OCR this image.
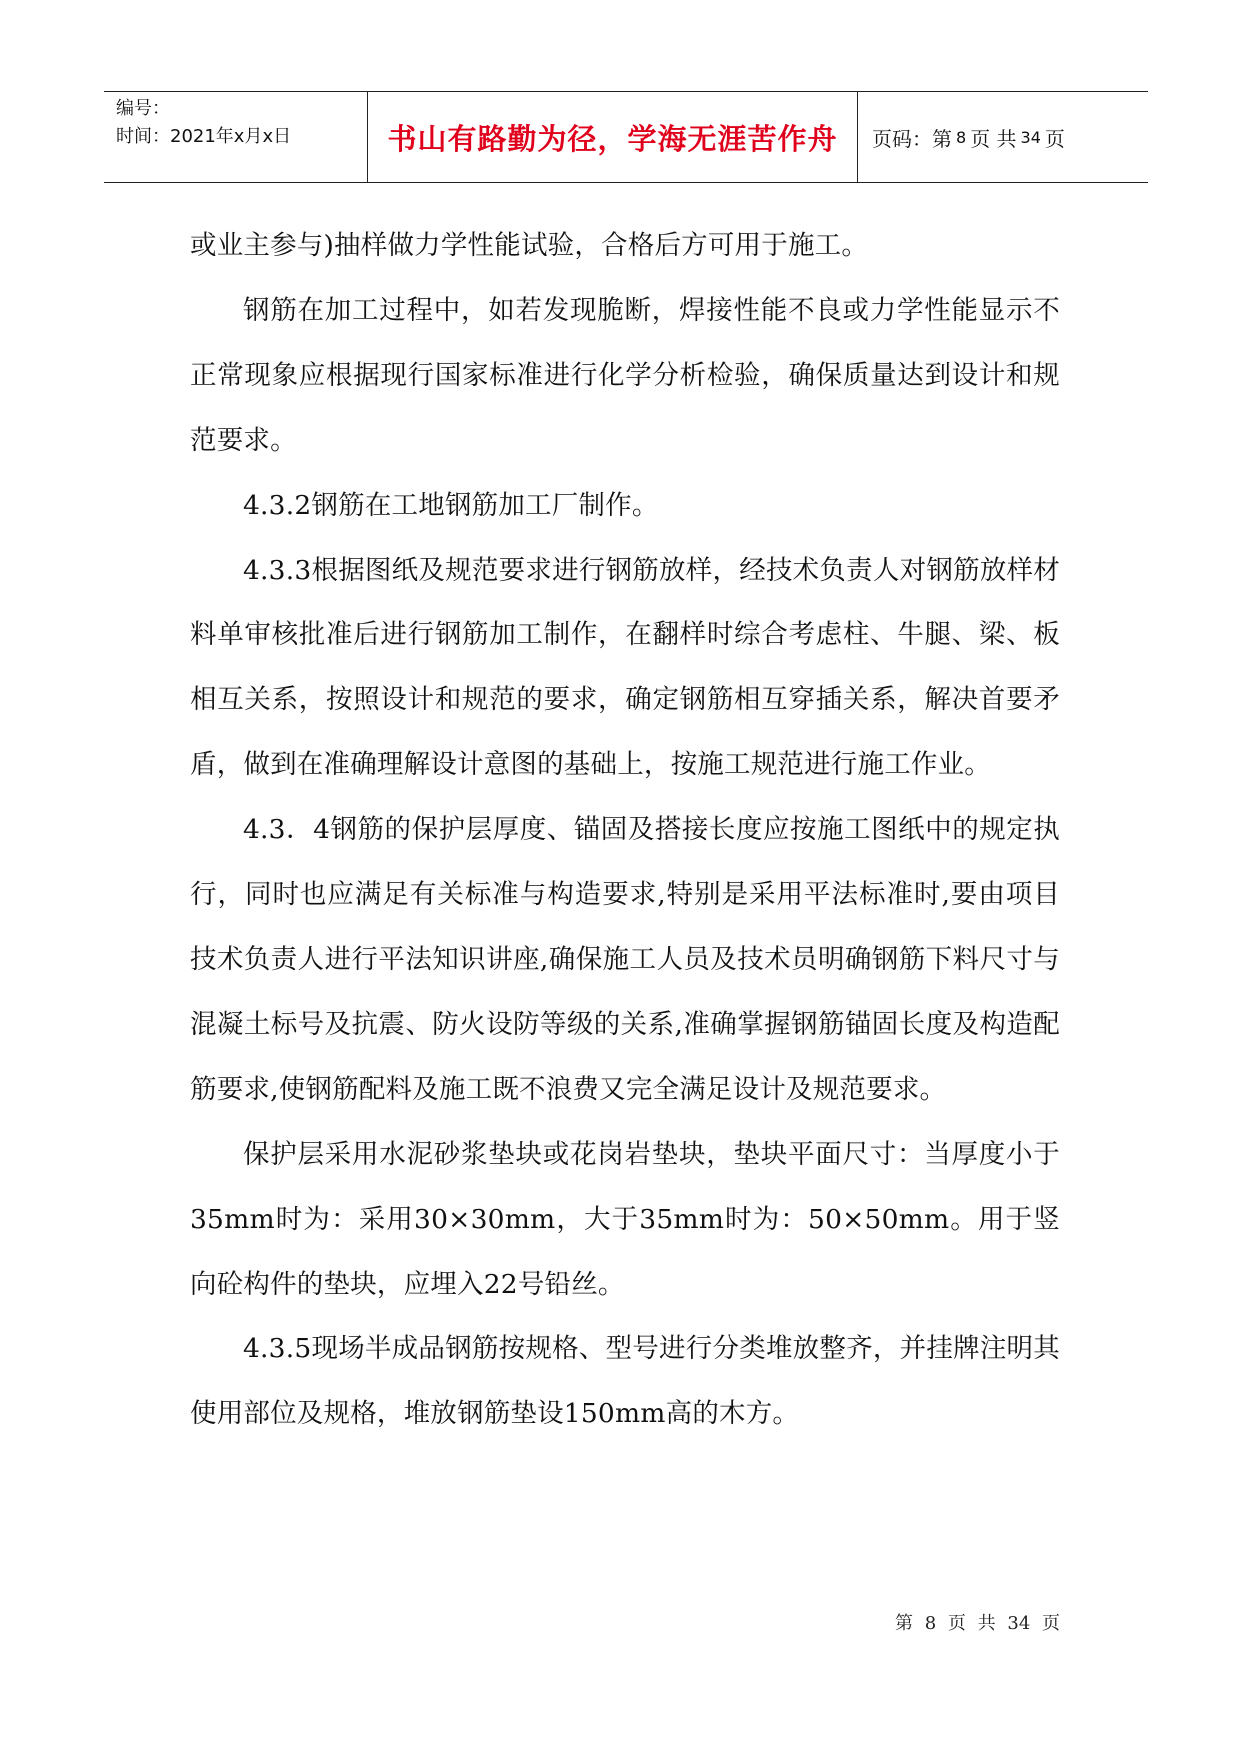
编号：
时间：2021年x月x日	书山有路勤为径，学海无涯苦作舟 页码：第 8 页 共 34 页

或业主参与)抽样做力学性能试验，合格后方可用于施工。

钢筋在加工过程中，如若发现脆断，焊接性能不良或力学性能显示不正常现象应根据现行国家标准进行化学分析检验，确保质量达到设计和规范要求。

4.3.2钢筋在工地钢筋加工厂制作。

4.3.3根据图纸及规范要求进行钢筋放样，经技术负责人对钢筋放样材料单审核批准后进行钢筋加工制作，在翻样时综合考虑柱、牛腿、梁、板相互关系，按照设计和规范的要求，确定钢筋相互穿插关系，解决首要矛盾，做到在准确理解设计意图的基础上，按施工规范进行施工作业。

4.3．4钢筋的保护层厚度、锚固及搭接长度应按施工图纸中的规定执行，同时也应满足有关标准与构造要求,特别是采用平法标准时,要由项目技术负责人进行平法知识讲座,确保施工人员及技术员明确钢筋下料尺寸与混凝土标号及抗震、防火设防等级的关系,准确掌握钢筋锚固长度及构造配筋要求,使钢筋配料及施工既不浪费又完全满足设计及规范要求。

保护层采用水泥砂浆垫块或花岗岩垫块，垫块平面尺寸：当厚度小于35mm时为：采用30×30mm，大于35mm时为：50×50mm。用于竖向砼构件的垫块，应埋入22号铅丝。

4.3.5现场半成品钢筋按规格、型号进行分类堆放整齐，并挂牌注明其使用部位及规格，堆放钢筋垫设150mm高的木方。

第 8 页 共 34 页
